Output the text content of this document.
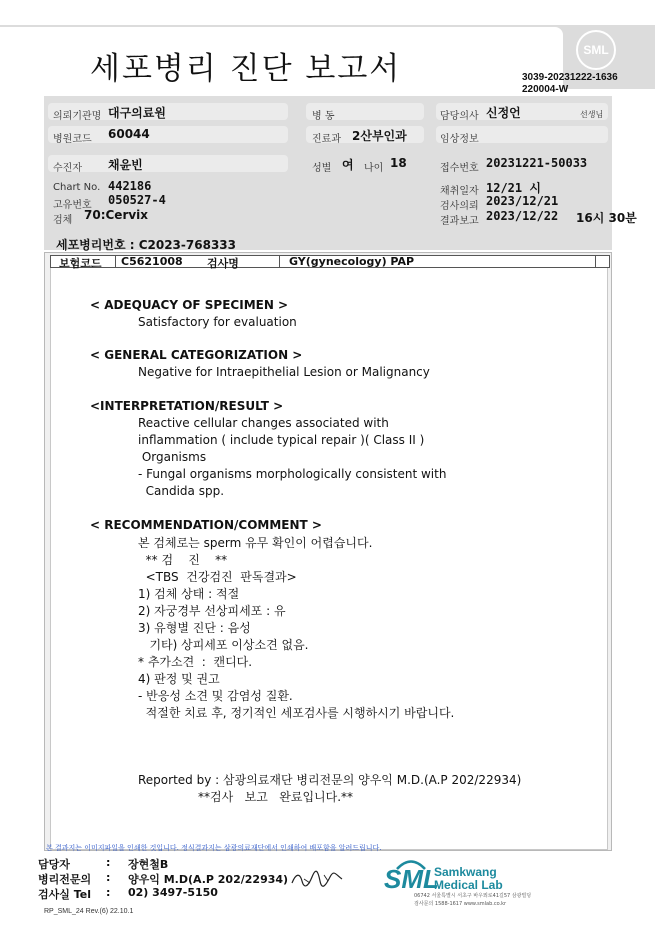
세포병리 진단 보고서
SML
3039-20231222-1636
220004-W
의뢰기관명 대구의료원	병 동	담당의사 신정언	선생님
병원코드 60044	진료과 2산부인과	임상정보
수진자 채윤빈	성별 여 나이 18	접수번호 20231221-50033
Chart No. 442186
고유번호 050527-4
검체 70:Cervix
채취일자 12/21 시
검사의뢰 2023/12/21
결과보고 2023/12/22 16시 30분
세포병리번호 : C2023-768333
보험코드 C5621008 검사명	GY(gynecology) PAP
< ADEQUACY OF SPECIMEN >
Satisfactory for evaluation
< GENERAL CATEGORIZATION >
Negative for Intraepithelial Lesion or Malignancy
<INTERPRETATION/RESULT >
Reactive cellular changes associated with
inflammation ( include typical repair )( Class II )
Organisms
- Fungal organisms morphologically consistent with
Candida spp.
< RECOMMENDATION/COMMENT >
본 검체로는 sperm 유무 확인이 어렵습니다.
** 검    진    **
<TBS  건강검진  판독결과>
1) 검체 상태 : 적절
2) 자궁경부 선상피세포 : 유
3) 유형별 진단 : 음성
기타) 상피세포 이상소견 없음.
* 추가소견  :  캔디다.
4) 판정 및 권고
- 반응성 소견 및 감염성 질환.
적절한 치료 후, 정기적인 세포검사를 시행하시기 바랍니다.
Reported by : 삼광의료재단 병리전문의 양우익 M.D.(A.P 202/22934)
**검사   보고   완료입니다.**
본 결과지는 이미지파일을 인쇄한 것입니다. 정식결과지는 삼광의료재단에서 인쇄하여 배포함을 알려드립니다.
담당자	: 장현철B
병리전문의 : 양우익 M.D(A.P 202/22934)
검사실 Tel : 02) 3497-5150
RP_SML_24 Rev.(6) 22.10.1
SML
Samkwang
Medical Lab
06742 서울특별시 서초구 바우뫼로41길57 삼광빌딩
검사문의 1588-1617 www.smlab.co.kr
